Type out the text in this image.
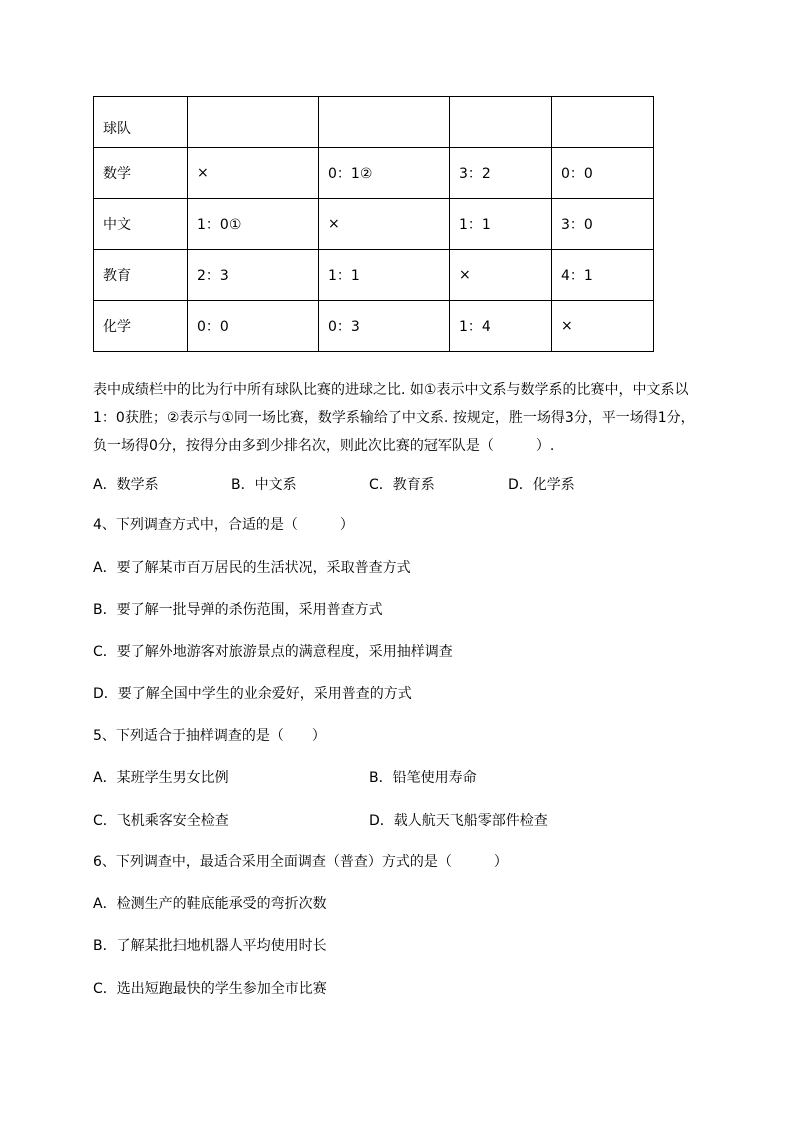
球队				
数学	×	0：1②	3：2	0：0
中文	1：0①	×	1：1	3：0
教育	2：3	1：1	×	4：1
化学	0：0	0：3	1：4	×
表中成绩栏中的比为行中所有球队比赛的进球之比. 如①表示中文系与数学系的比赛中，中文系以
1：0获胜；②表示与①同一场比赛，数学系输给了中文系. 按规定，胜一场得3分，平一场得1分，
负一场得0分，按得分由多到少排名次，则此次比赛的冠军队是（　　　）.
A．数学系	B．中文系	C．教育系	D．化学系
4、下列调查方式中，合适的是（　　　）
A．要了解某市百万居民的生活状况，采取普查方式
B．要了解一批导弹的杀伤范围，采用普查方式
C．要了解外地游客对旅游景点的满意程度，采用抽样调查
D．要了解全国中学生的业余爱好，采用普查的方式
5、下列适合于抽样调查的是（　　）
A．某班学生男女比例	B．铅笔使用寿命
C．飞机乘客安全检查	D．载人航天飞船零部件检查
6、下列调查中，最适合采用全面调查（普查）方式的是（　　　）
A．检测生产的鞋底能承受的弯折次数
B．了解某批扫地机器人平均使用时长
C．选出短跑最快的学生参加全市比赛
